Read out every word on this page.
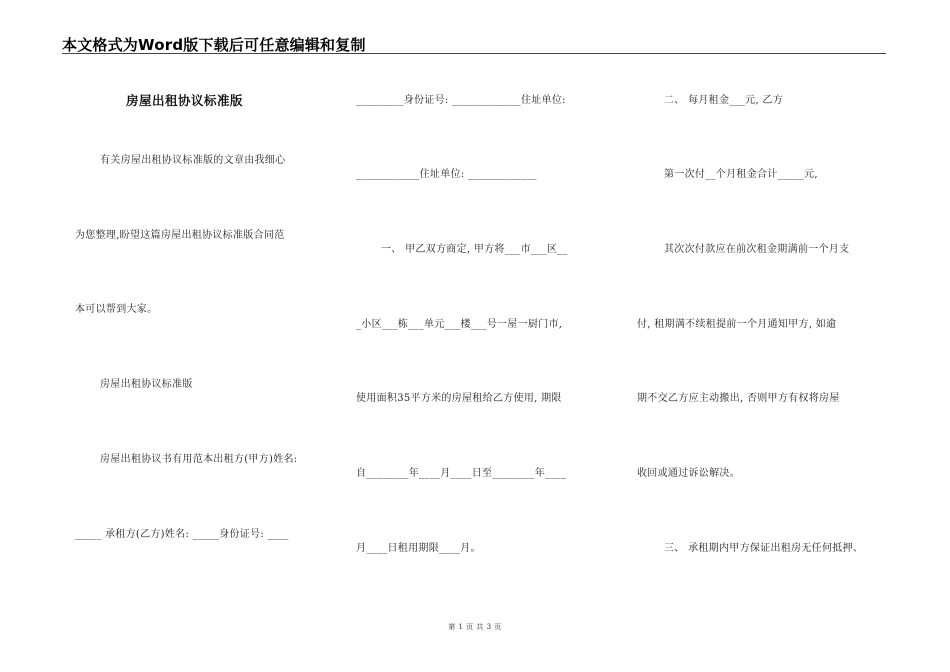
本文格式为Word版下载后可任意编辑和复制
房屋出租协议标准版
有关房屋出租协议标准版的文章由我细心
为您整理,盼望这篇房屋出租协议标准版合同范
本可以帮到大家。
房屋出租协议标准版
房屋出租协议书有用范本出租方(甲方)姓名:
_____ 承租方(乙方)姓名: _____身份证号: ____
_________身份证号: _____________住址单位:
____________住址单位: _____________
一、 甲乙双方商定, 甲方将___市___区__
_小区___栋___单元___楼___号一屋一厨门市,
使用面积35平方米的房屋租给乙方使用, 期限
自________年____月____日至________年____
月____日租用期限____月。
二、 每月租金___元, 乙方
第一次付__个月租金合计_____元,
其次次付款应在前次租金期满前一个月支
付, 租期满不续租提前一个月通知甲方, 如逾
期不交乙方应主动搬出, 否则甲方有权将房屋
收回或通过诉讼解决。
三、 承租期内甲方保证出租房无任何抵押、
第 1 页 共 3 页
